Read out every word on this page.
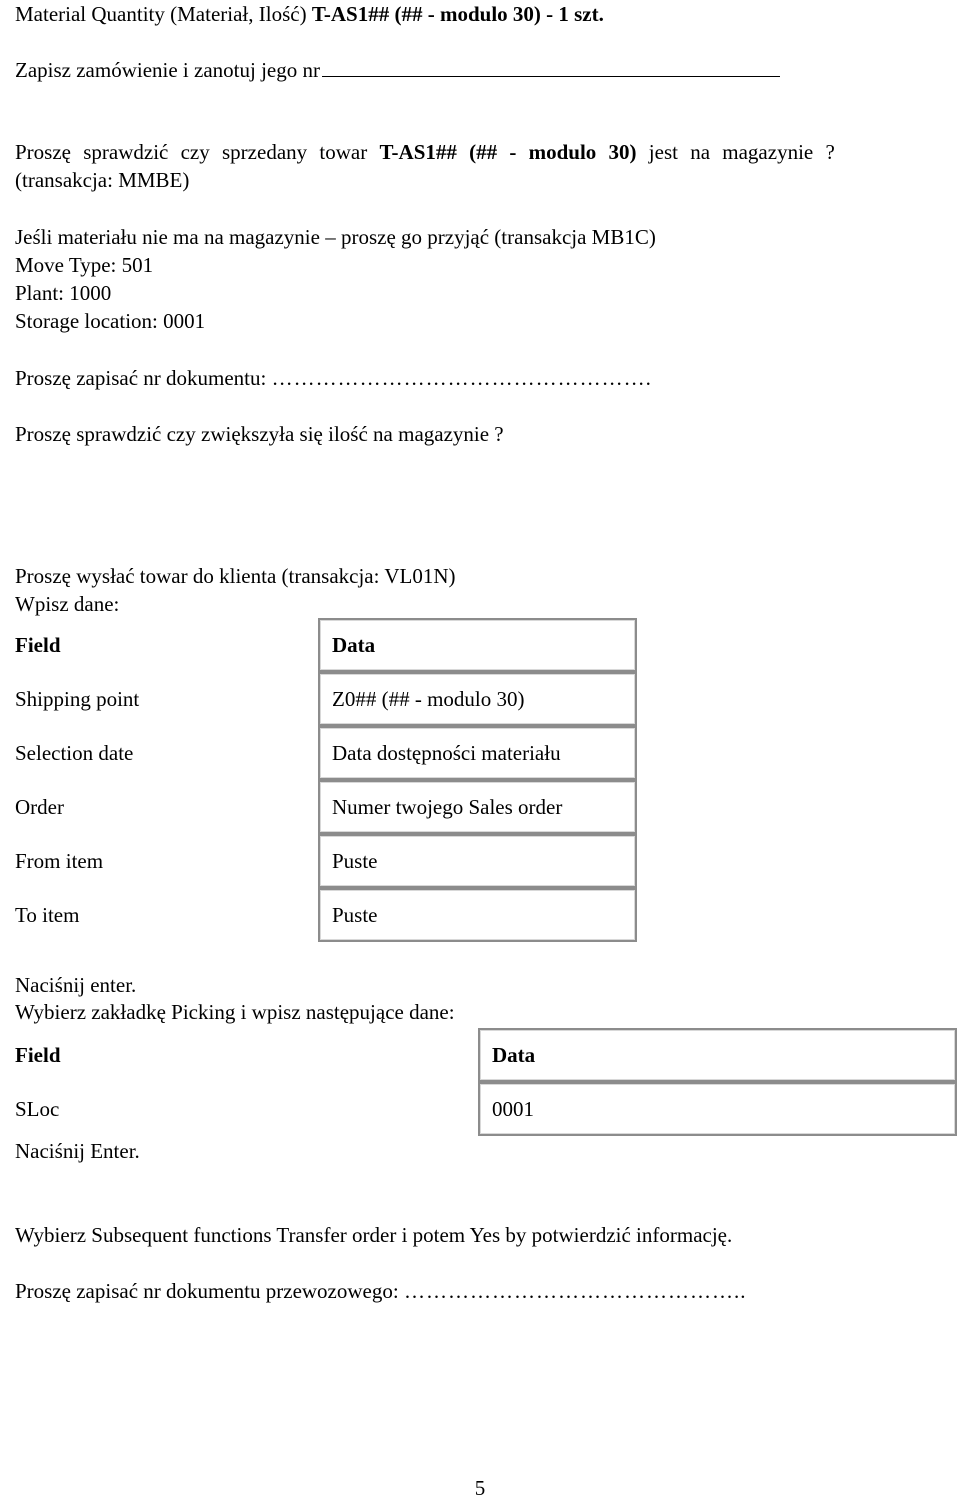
Material Quantity (Materiał, Ilość) T-AS1## (## - modulo 30) - 1 szt.
Zapisz zamówienie i zanotuj jego nr
Proszę sprawdzić czy sprzedany towar T-AS1## (## - modulo 30) jest na magazynie ?
(transakcja: MMBE)
Jeśli materiału nie ma na magazynie – proszę go przyjąć (transakcja MB1C)
Move Type: 501
Plant: 1000
Storage location: 0001
Proszę zapisać nr dokumentu: …………………………………………….
Proszę sprawdzić czy zwiększyła się ilość na magazynie ?
Proszę wysłać towar do klienta (transakcja: VL01N)
Wpisz dane:
Field	Data
Shipping point	Z0## (## - modulo 30)
Selection date	Data dostępności materiału
Order	Numer twojego Sales order
From item	Puste
To item	Puste
Naciśnij enter.
Wybierz zakładkę Picking i wpisz następujące dane:
Field	Data
SLoc	0001
Naciśnij Enter.
Wybierz Subsequent functions Transfer order i potem Yes by potwierdzić informację.
Proszę zapisać nr dokumentu przewozowego: ………………………………………..
5
